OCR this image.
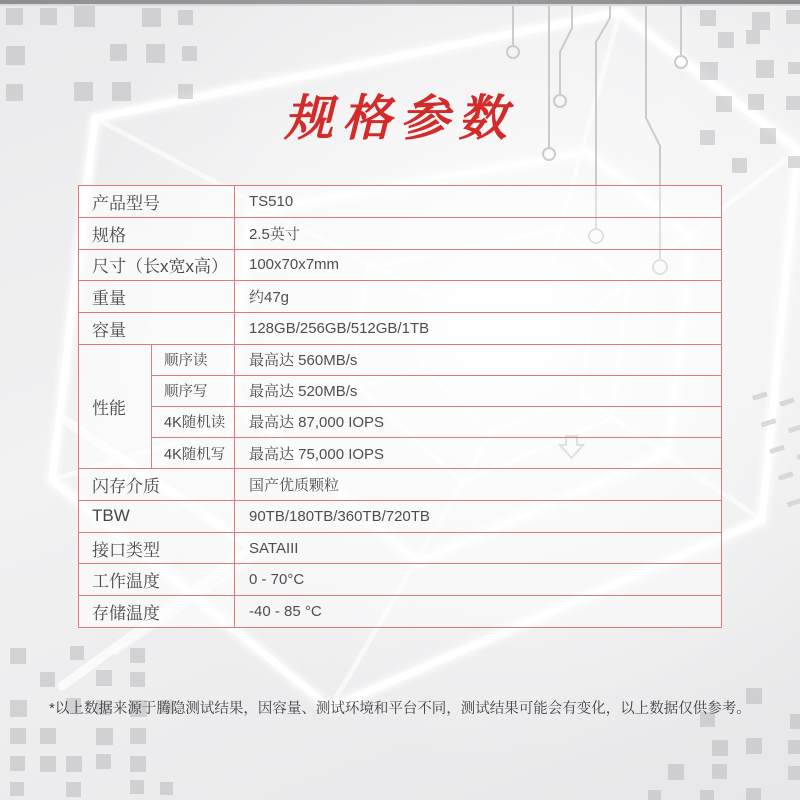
规格参数
产品型号	TS510
规格	2.5英寸
尺寸（长x宽x高）	100x70x7mm
重量	约47g
容量	128GB/256GB/512GB/1TB
性能
顺序读	最高达 560MB/s
顺序写	最高达 520MB/s
4K随机读	最高达 87,000 IOPS
4K随机写	最高达 75,000 IOPS
闪存介质	国产优质颗粒
TBW	90TB/180TB/360TB/720TB
接口类型	SATAIII
工作温度	0 - 70°C
存储温度	-40 - 85 °C

*以上数据来源于腾隐测试结果，因容量、测试环境和平台不同，测试结果可能会有变化，以上数据仅供参考。
